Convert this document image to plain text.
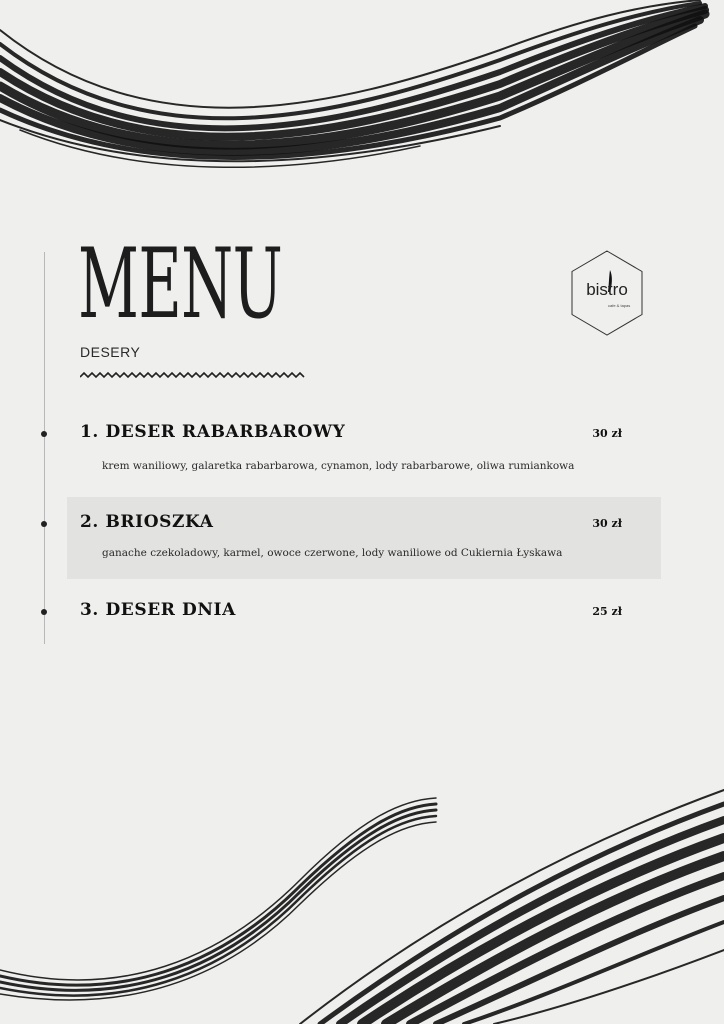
MENU
DESERY
bistro
cafe & tapas
1. DESER RABARBAROWY	30 zł
krem waniliowy, galaretka rabarbarowa, cynamon, lody rabarbarowe, oliwa rumiankowa
2. BRIOSZKA	30 zł
ganache czekoladowy, karmel, owoce czerwone, lody waniliowe od Cukiernia Łyskawa
3. DESER DNIA	25 zł
